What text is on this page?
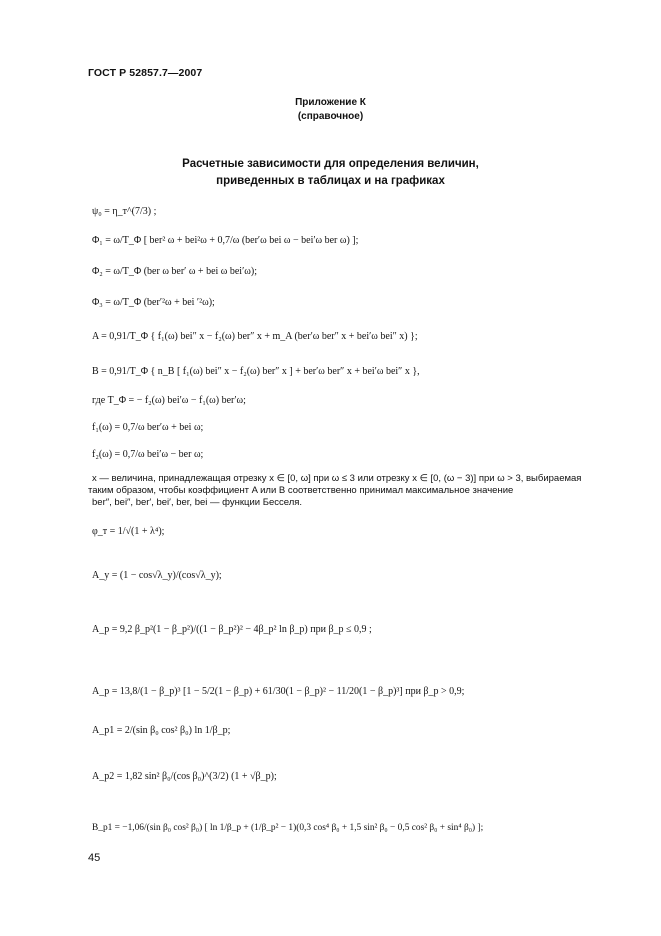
ГОСТ Р 52857.7—2007
Приложение К
(справочное)
Расчетные зависимости для определения величин,
приведенных в таблицах и на графиках
ψ₀ = η_т^(7/3) ;
Φ₁ = ω/T_Φ [ ber² ω + bei²ω + 0,7/ω (ber′ω bei ω − bei′ω ber ω) ];
Φ₂ = ω/T_Φ (ber ω ber′ ω + bei ω bei′ω);
Φ₃ = ω/T_Φ (ber′²ω + bei ′²ω);
A = 0,91/T_Φ { f₁(ω) bei″ x − f₂(ω) ber″ x + m_A (ber′ω ber″ x + bei′ω bei″ x) };
B = 0,91/T_Φ { n_B [ f₁(ω) bei″ x − f₂(ω) ber″ x ] + ber′ω ber″ x + bei′ω bei″ x },
где T_Φ = − f₂(ω) bei′ω − f₁(ω) ber′ω;
f₁(ω) = 0,7/ω ber′ω + bei ω;
f₂(ω) = 0,7/ω bei′ω − ber ω;
x — величина, принадлежащая отрезку x ∈ [0, ω] при ω ≤ 3 или отрезку x ∈ [0, (ω − 3)] при ω > 3, выбираемая
таким образом, чтобы коэффициент A или B соответственно принимал максимальное значение
ber″, bei″, ber′, bei′, ber, bei — функции Бесселя.
φ_т = 1/√(1 + λ⁴);
A_y = (1 − cos√λ_y)/(cos√λ_y);
A_р = 9,2 β_р²(1 − β_р²)/((1 − β_р²)² − 4β_р² ln β_р) при β_р ≤ 0,9 ;
A_р = 13,8/(1 − β_р)³ [1 − 5/2(1 − β_р) + 61/30(1 − β_р)² − 11/20(1 − β_р)³] при β_р > 0,9;
A_р1 = 2/(sin β₀ cos² β₀) ln 1/β_р;
A_р2 = 1,82 sin² β₀/(cos β₀)^(3/2) (1 + √β_р);
B_р1 = −1,06/(sin β₀ cos² β₀) [ ln 1/β_р + (1/β_р² − 1)(0,3 cos⁴ β₀ + 1,5 sin² β₀ − 0,5 cos² β₀ + sin⁴ β₀) ];
45
